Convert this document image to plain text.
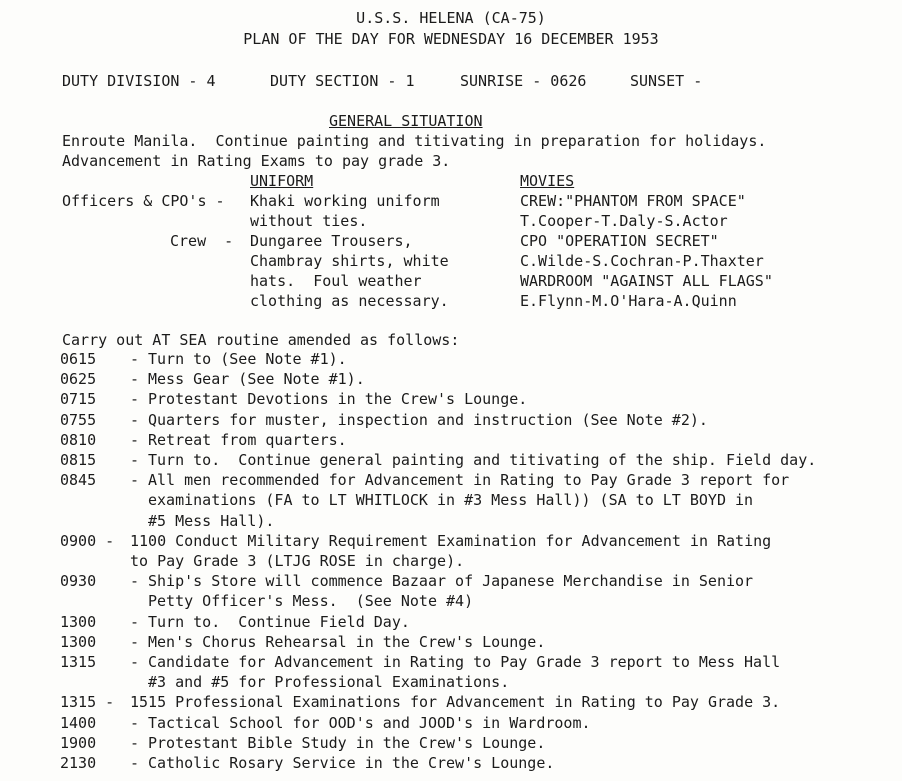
U.S.S. HELENA (CA-75)
PLAN OF THE DAY FOR WEDNESDAY 16 DECEMBER 1953
DUTY DIVISION - 4	DUTY SECTION - 1	SUNRISE - 0626	SUNSET -
GENERAL SITUATION
Enroute Manila.  Continue painting and titivating in preparation for holidays.
Advancement in Rating Exams to pay grade 3.
UNIFORM
Officers & CPO's - Khaki working uniform
without ties.
Crew  - Dungaree Trousers,
Chambray shirts, white
hats.  Foul weather
clothing as necessary.
MOVIES
CREW:"PHANTOM FROM SPACE"
T.Cooper-T.Daly-S.Actor
CPO "OPERATION SECRET"
C.Wilde-S.Cochran-P.Thaxter
WARDROOM "AGAINST ALL FLAGS"
E.Flynn-M.O'Hara-A.Quinn
Carry out AT SEA routine amended as follows:
0615	- Turn to (See Note #1).
0625	- Mess Gear (See Note #1).
0715	- Protestant Devotions in the Crew's Lounge.
0755	- Quarters for muster, inspection and instruction (See Note #2).
0810	- Retreat from quarters.
0815	- Turn to.  Continue general painting and titivating of the ship. Field day.
0845	- All men recommended for Advancement in Rating to Pay Grade 3 report for
examinations (FA to LT WHITLOCK in #3 Mess Hall)) (SA to LT BOYD in
#5 Mess Hall).
0900 -	1100 Conduct Military Requirement Examination for Advancement in Rating
to Pay Grade 3 (LTJG ROSE in charge).
0930	- Ship's Store will commence Bazaar of Japanese Merchandise in Senior
Petty Officer's Mess.  (See Note #4)
1300	- Turn to.  Continue Field Day.
1300	- Men's Chorus Rehearsal in the Crew's Lounge.
1315	- Candidate for Advancement in Rating to Pay Grade 3 report to Mess Hall
#3 and #5 for Professional Examinations.
1315 -	1515 Professional Examinations for Advancement in Rating to Pay Grade 3.
1400	- Tactical School for OOD's and JOOD's in Wardroom.
1900	- Protestant Bible Study in the Crew's Lounge.
2130	- Catholic Rosary Service in the Crew's Lounge.
